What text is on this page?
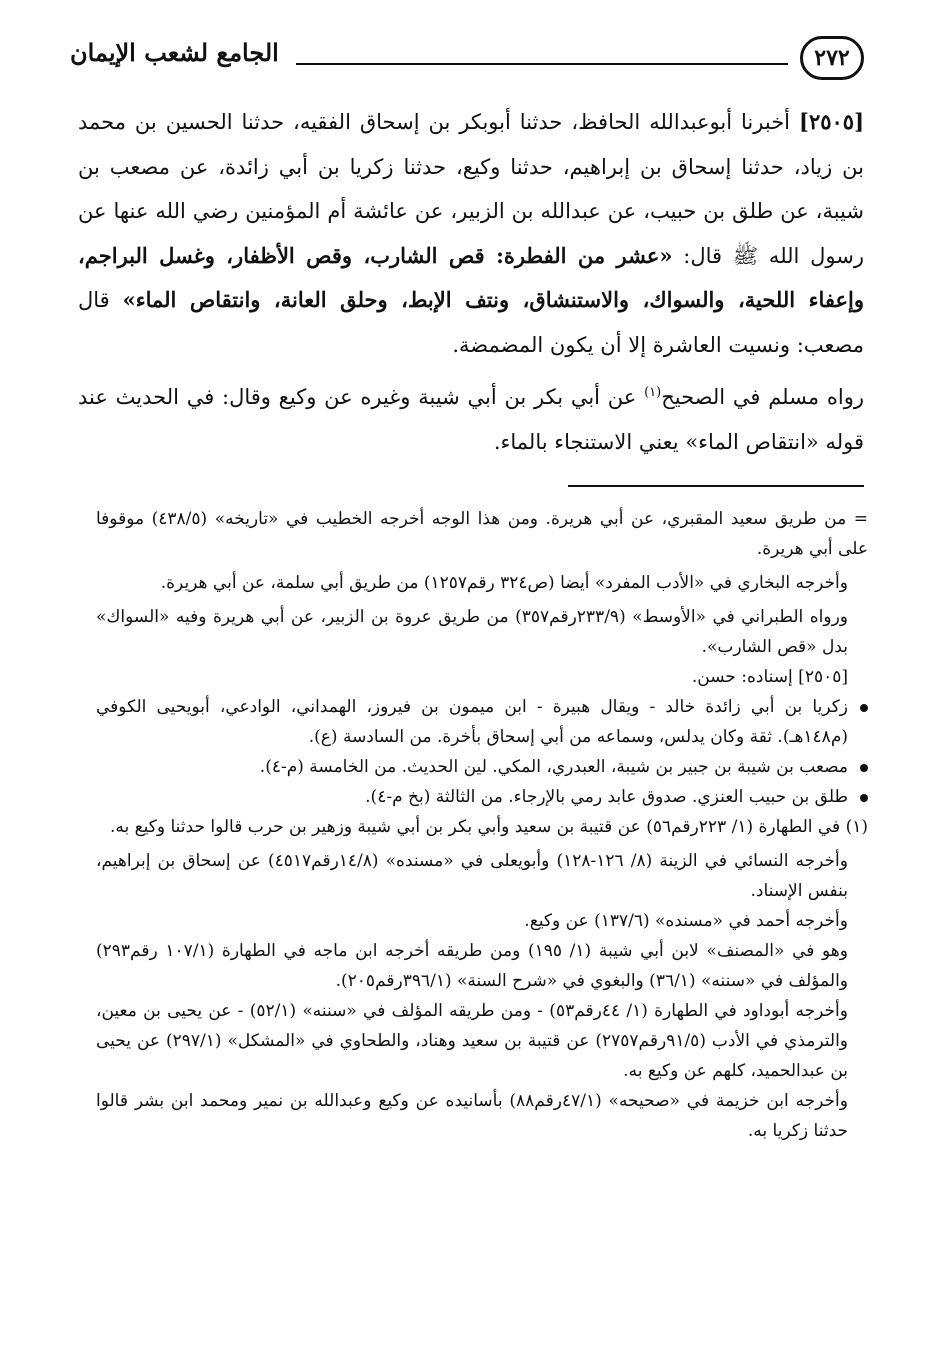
٢٧٢
الجامع لشعب الإيمان

[٢٥٠٥] أخبرنا أبوعبدالله الحافظ، حدثنا أبوبكر بن إسحاق الفقيه، حدثنا الحسين بن محمد بن زياد، حدثنا إسحاق بن إبراهيم، حدثنا وكيع، حدثنا زكريا بن أبي زائدة، عن مصعب بن شيبة، عن طلق بن حبيب، عن عبدالله بن الزبير، عن عائشة أم المؤمنين رضي الله عنها عن رسول الله ﷺ قال: «عشر من الفطرة: قص الشارب، وقص الأظفار، وغسل البراجم، وإعفاء اللحية، والسواك، والاستنشاق، ونتف الإبط، وحلق العانة، وانتقاص الماء» قال مصعب: ونسيت العاشرة إلا أن يكون المضمضة.

رواه مسلم في الصحيح$^{(١)}$ عن أبي بكر بن أبي شيبة وغيره عن وكيع وقال: في الحديث عند قوله «انتقاص الماء» يعني الاستنجاء بالماء.

= من طريق سعيد المقبري، عن أبي هريرة. ومن هذا الوجه أخرجه الخطيب في «تاريخه» (٤٣٨/٥) موقوفا على أبي هريرة.

وأخرجه البخاري في «الأدب المفرد» أيضا (ص٣٢٤ رقم١٢٥٧) من طريق أبي سلمة، عن أبي هريرة.

ورواه الطبراني في «الأوسط» (٢٣٣/٩رقم٣٥٧) من طريق عروة بن الزبير، عن أبي هريرة وفيه «السواك» بدل «قص الشارب».

[٢٥٠٥] إسناده: حسن.

زكريا بن أبي زائدة خالد - ويقال هبيرة - ابن ميمون بن فيروز، الهمداني، الوادعي، أبويحيى الكوفي (م١٤٨هـ). ثقة وكان يدلس، وسماعه من أبي إسحاق بأخرة. من السادسة (ع).

مصعب بن شيبة بن جبير بن شيبة، العبدري، المكي. لين الحديث. من الخامسة (م-٤).

طلق بن حبيب العنزي. صدوق عابد رمي بالإرجاء. من الثالثة (بخ م-٤).

(١) في الطهارة (١/ ٢٢٣رقم٥٦) عن قتيبة بن سعيد وأبي بكر بن أبي شيبة وزهير بن حرب قالوا حدثنا وكيع به.

وأخرجه النسائي في الزينة (٨/ ١٢٦-١٢٨) وأبويعلى في «مسنده» (١٤/٨رقم٤٥١٧) عن إسحاق بن إبراهيم، بنفس الإسناد.

وأخرجه أحمد في «مسنده» (١٣٧/٦) عن وكيع.

وهو في «المصنف» لابن أبي شيبة (١/ ١٩٥) ومن طريقه أخرجه ابن ماجه في الطهارة (١٠٧/١ رقم٢٩٣) والمؤلف في «سننه» (٣٦/١) والبغوي في «شرح السنة» (٣٩٦/١رقم٢٠٥).

وأخرجه أبوداود في الطهارة (١/ ٤٤رقم٥٣) - ومن طريقه المؤلف في «سننه» (٥٢/١) - عن يحيى بن معين، والترمذي في الأدب (٩١/٥رقم٢٧٥٧) عن قتيبة بن سعيد وهناد، والطحاوي في «المشكل» (٢٩٧/١) عن يحيى بن عبدالحميد، كلهم عن وكيع به.

وأخرجه ابن خزيمة في «صحيحه» (٤٧/١رقم٨٨) بأسانيده عن وكيع وعبدالله بن نمير ومحمد ابن بشر قالوا حدثنا زكريا به.
